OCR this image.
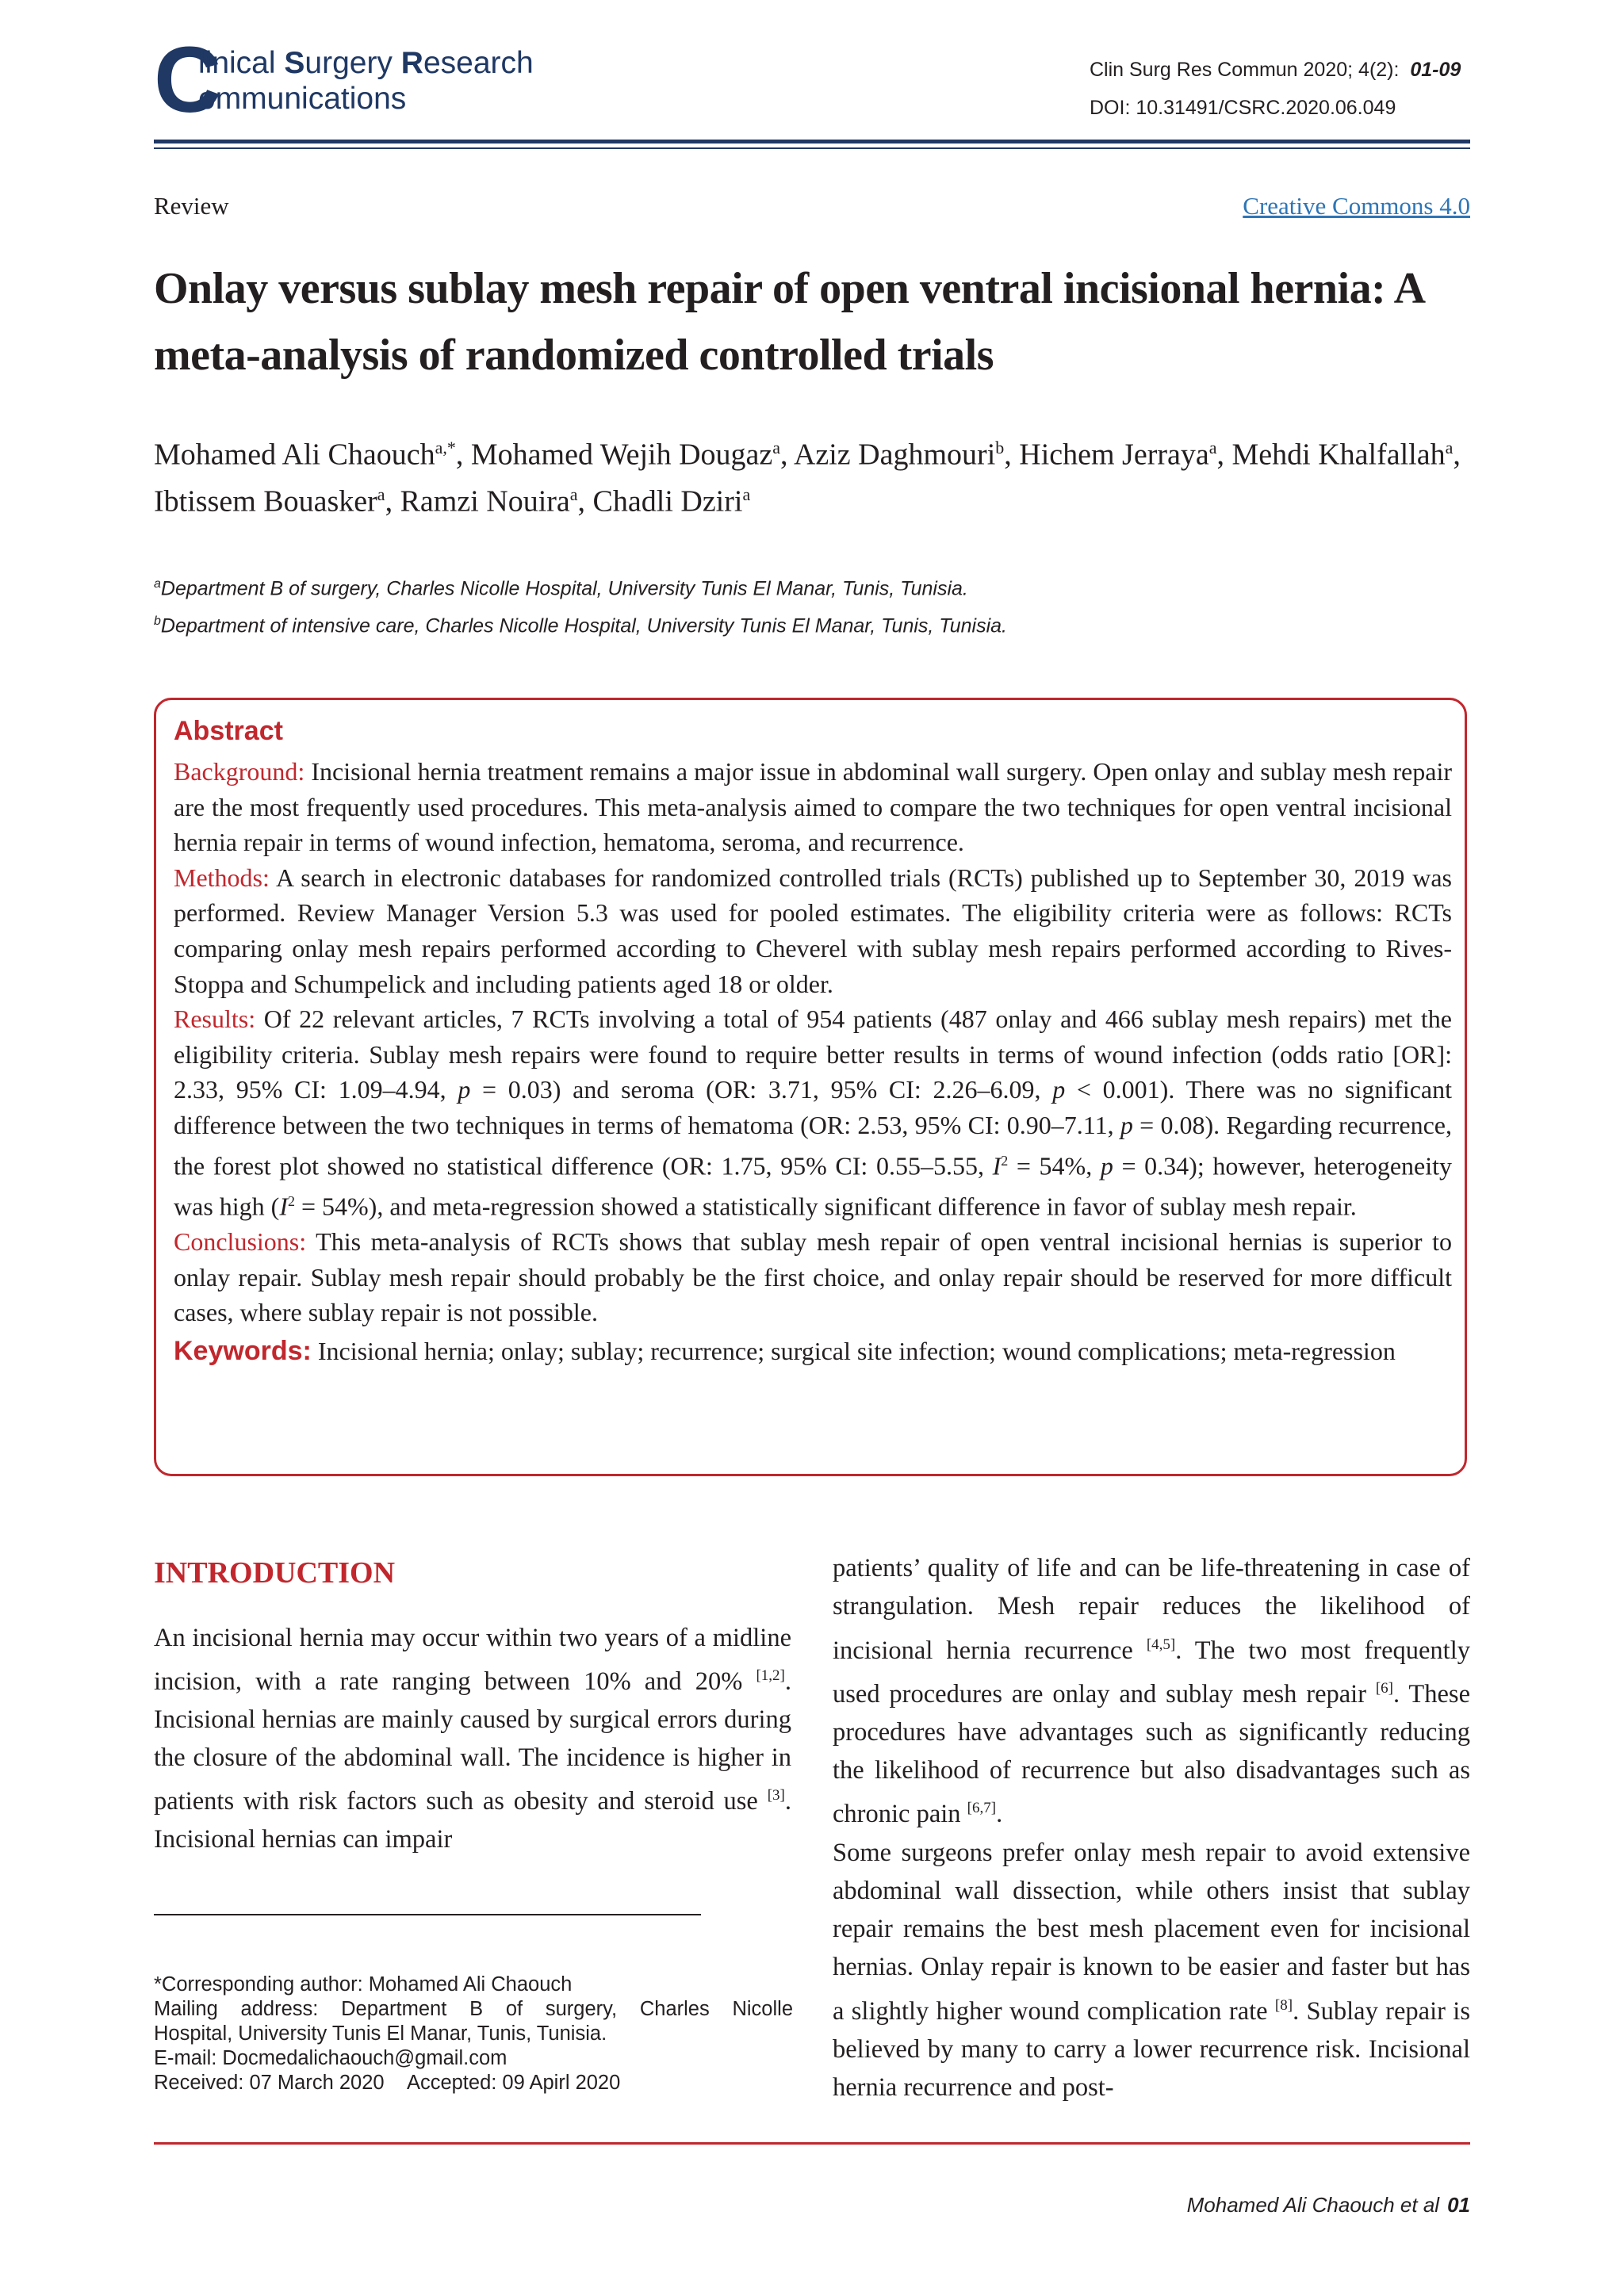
C
linical Surgery Research
ommunications
Clin Surg Res Commun 2020; 4(2): 01-09
DOI: 10.31491/CSRC.2020.06.049
Review	Creative Commons 4.0
Onlay versus sublay mesh repair of open ventral incisional hernia: A meta-analysis of randomized controlled trials
Mohamed Ali Chaouch$^{a,*}$, Mohamed Wejih Dougaz$^a$, Aziz Daghmouri$^b$, Hichem Jerraya$^a$, Mehdi Khalfallah$^a$, Ibtissem Bouasker$^a$, Ramzi Nouira$^a$, Chadli Dziri$^a$
$^a$Department B of surgery, Charles Nicolle Hospital, University Tunis El Manar, Tunis, Tunisia.
$^b$Department of intensive care, Charles Nicolle Hospital, University Tunis El Manar, Tunis, Tunisia.
Abstract

Background: Incisional hernia treatment remains a major issue in abdominal wall surgery. Open onlay and sublay mesh repair are the most frequently used procedures. This meta-analysis aimed to compare the two techniques for open ventral incisional hernia repair in terms of wound infection, hematoma, seroma, and recurrence.

Methods: A search in electronic databases for randomized controlled trials (RCTs) published up to September 30, 2019 was performed. Review Manager Version 5.3 was used for pooled estimates. The eligibility criteria were as follows: RCTs comparing onlay mesh repairs performed according to Cheverel with sublay mesh repairs performed according to Rives-Stoppa and Schumpelick and including patients aged 18 or older.

Results: Of 22 relevant articles, 7 RCTs involving a total of 954 patients (487 onlay and 466 sublay mesh repairs) met the eligibility criteria. Sublay mesh repairs were found to require better results in terms of wound infection (odds ratio [OR]: 2.33, 95% CI: 1.09–4.94, p = 0.03) and seroma (OR: 3.71, 95% CI: 2.26–6.09, p < 0.001). There was no significant difference between the two techniques in terms of hematoma (OR: 2.53, 95% CI: 0.90–7.11, p = 0.08). Regarding recurrence, the forest plot showed no statistical difference (OR: 1.75, 95% CI: 0.55–5.55, $I^2 = 54\%$, p = 0.34); however, heterogeneity was high $(I^2 = 54\%)$, and meta-regression showed a statistically significant difference in favor of sublay mesh repair.

Conclusions: This meta-analysis of RCTs shows that sublay mesh repair of open ventral incisional hernias is superior to onlay repair. Sublay mesh repair should probably be the first choice, and onlay repair should be reserved for more difficult cases, where sublay repair is not possible.

Keywords: Incisional hernia; onlay; sublay; recurrence; surgical site infection; wound complications; meta-regression

INTRODUCTION

An incisional hernia may occur within two years of a midline incision, with a rate ranging between 10% and 20% [1,2]. Incisional hernias are mainly caused by surgical errors during the closure of the abdominal wall. The incidence is higher in patients with risk factors such as obesity and steroid use [3]. Incisional hernias can impair

patients’ quality of life and can be life-threatening in case of strangulation. Mesh repair reduces the likelihood of incisional hernia recurrence [4,5]. The two most frequently used procedures are onlay and sublay mesh repair [6]. These procedures have advantages such as significantly reducing the likelihood of recurrence but also disadvantages such as chronic pain [6,7].

Some surgeons prefer onlay mesh repair to avoid extensive abdominal wall dissection, while others insist that sublay repair remains the best mesh placement even for incisional hernias. Onlay repair is known to be easier and faster but has a slightly higher wound complication rate [8]. Sublay repair is believed by many to carry a lower recurrence risk. Incisional hernia recurrence and post-

*Corresponding author: Mohamed Ali Chaouch

Mailing address: Department B of surgery, Charles Nicolle

Hospital, University Tunis El Manar, Tunis, Tunisia.

E-mail: Docmedalichaouch@gmail.com

Received: 07 March 2020 Accepted: 09 Apirl 2020

Mohamed Ali Chaouch et al 01
